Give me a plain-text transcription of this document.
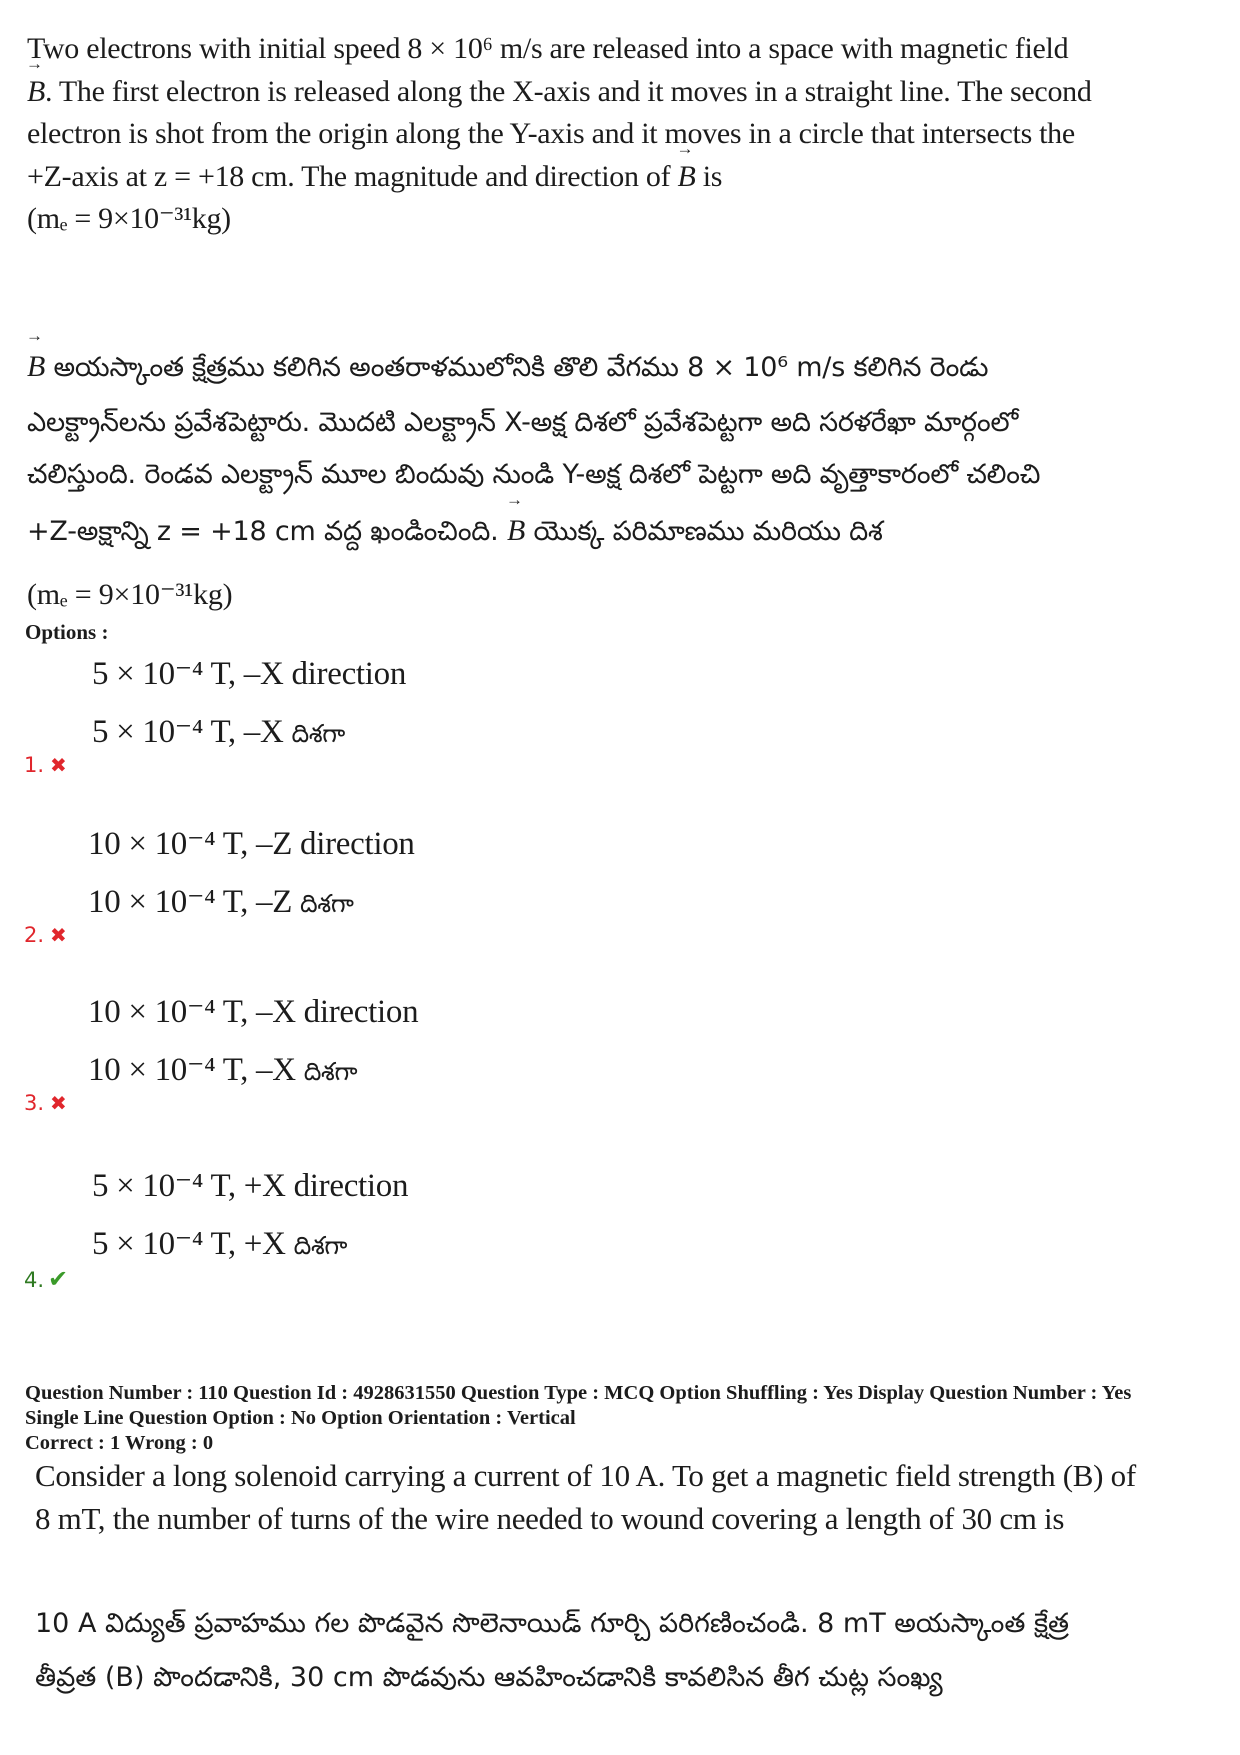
Two electrons with initial speed 8 × 10⁶ m/s are released into a space with magnetic field

→ B. The first electron is released along the X-axis and it moves in a straight line. The second

electron is shot from the origin along the Y-axis and it moves in a circle that intersects the

+Z-axis at z = +18 cm. The magnitude and direction of → B is

(mₑ = 9×10⁻³¹kg)

→ B అయస్కాంత క్షేత్రము కలిగిన అంతరాళములోనికి తొలి వేగము 8 × 10⁶ m/s కలిగిన రెండు

ఎలక్ట్రాన్‌లను ప్రవేశపెట్టారు. మొదటి ఎలక్ట్రాన్ X-అక్ష దిశలో ప్రవేశపెట్టగా అది సరళరేఖా మార్గంలో

చలిస్తుంది. రెండవ ఎలక్ట్రాన్ మూల బిందువు నుండి Y-అక్ష దిశలో పెట్టగా అది వృత్తాకారంలో చలించి

+Z-అక్షాన్ని z = +18 cm వద్ద ఖండించింది. → B యొక్క పరిమాణము మరియు దిశ

(mₑ = 9×10⁻³¹kg)

Options :
5 × 10⁻⁴ T, –X direction
5 × 10⁻⁴ T, –X దిశగా
1. ✖
10 × 10⁻⁴ T, –Z direction
10 × 10⁻⁴ T, –Z దిశగా
2. ✖
10 × 10⁻⁴ T, –X direction
10 × 10⁻⁴ T, –X దిశగా
3. ✖
5 × 10⁻⁴ T, +X direction
5 × 10⁻⁴ T, +X దిశగా
4. ✔
Question Number : 110 Question Id : 4928631550 Question Type : MCQ Option Shuffling : Yes Display Question Number : Yes
Single Line Question Option : No Option Orientation : Vertical
Correct : 1 Wrong : 0

Consider a long solenoid carrying a current of 10 A. To get a magnetic field strength (B) of

8 mT, the number of turns of the wire needed to wound covering a length of 30 cm is

10 A విద్యుత్ ప్రవాహము గల పొడవైన సొలెనాయిడ్ గూర్చి పరిగణించండి. 8 mT అయస్కాంత క్షేత్ర

తీవ్రత (B) పొందడానికి, 30 cm పొడవును ఆవహించడానికి కావలిసిన తీగ చుట్ల సంఖ్య
